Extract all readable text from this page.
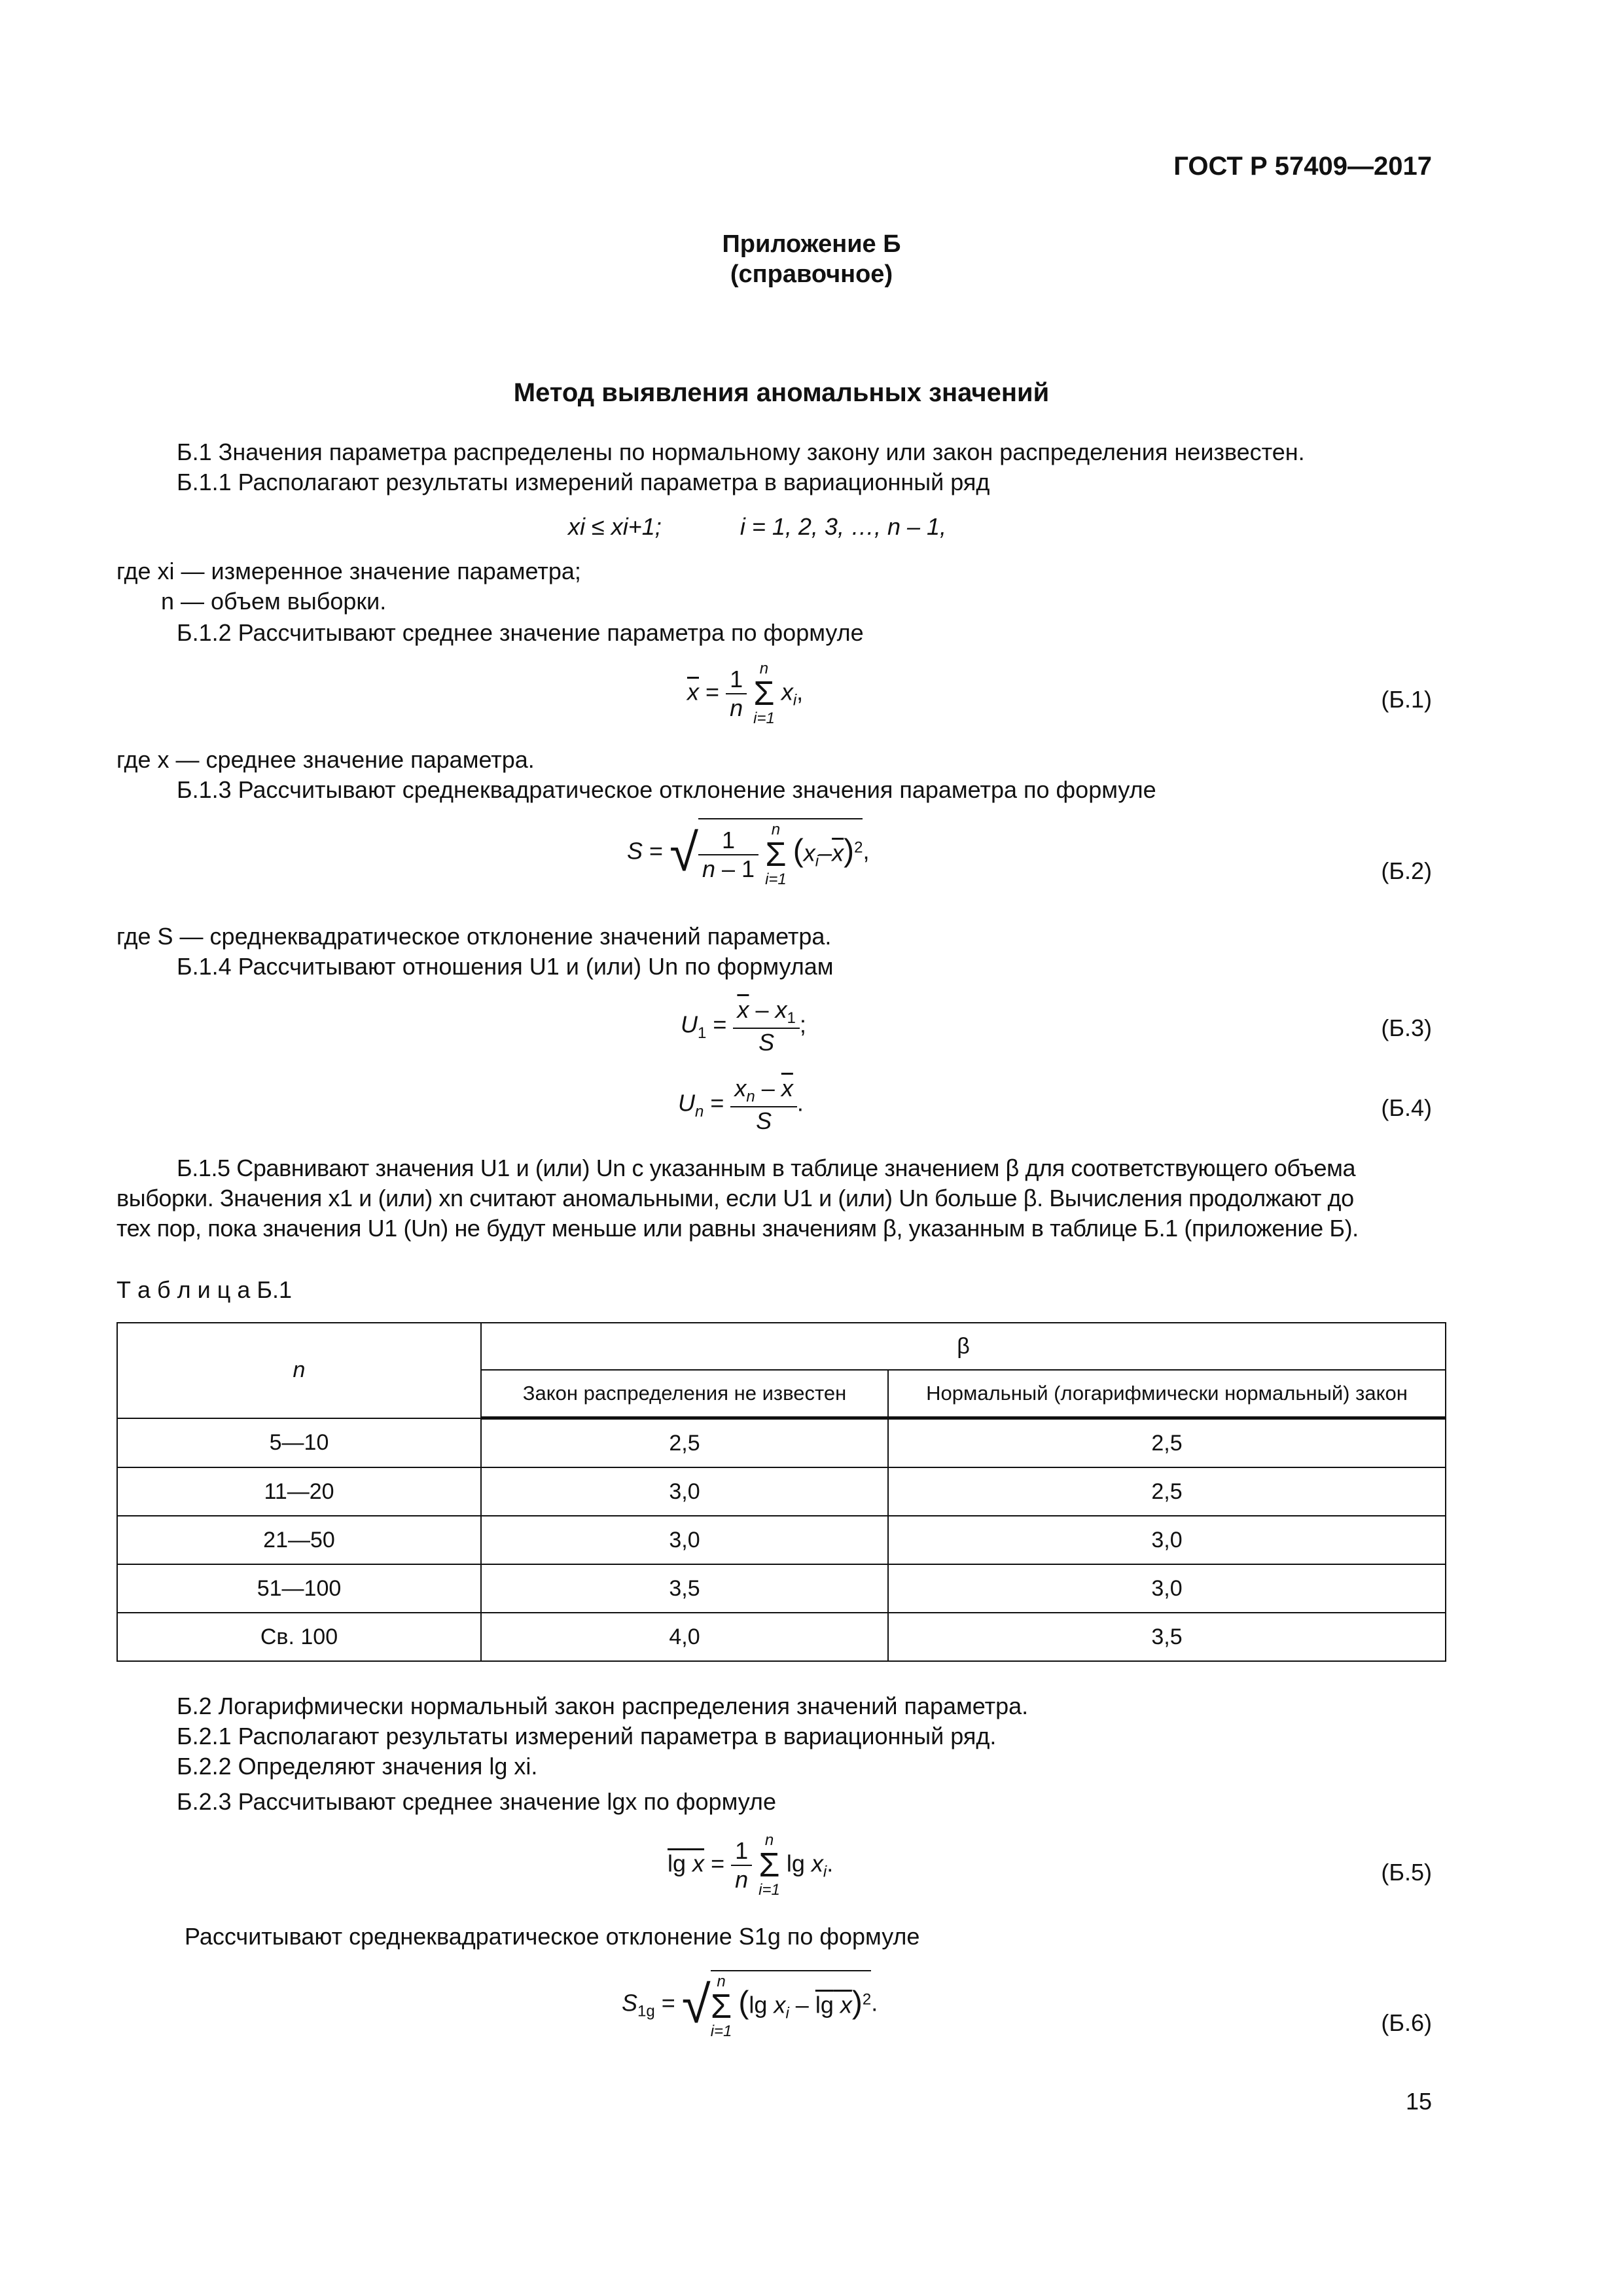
ГОСТ Р 57409—2017
Приложение Б
(справочное)
Метод выявления аномальных значений
Б.1 Значения параметра распределены по нормальному закону или закон распределения неизвестен.
Б.1.1 Располагают результаты измерений параметра в вариационный ряд
xi ≤ xi+1;	i = 1, 2, 3, …, n – 1,
где xi — измеренное значение параметра;
n — объем выборки.
Б.1.2 Рассчитывают среднее значение параметра по формуле
$\overline{x} = \frac{1}{n}$
n
Σ
i=1
$x_i$,	(Б.1)
где x — среднее значение параметра.
Б.1.3 Рассчитывают среднеквадратическое отклонение значения параметра по формуле
S = √ $\frac{1}{n - 1}$
n
Σ
i=1
$(x_i-\overline{x})^2$,
(Б.2)
где S — среднеквадратическое отклонение значений параметра.
Б.1.4 Рассчитывают отношения U1 и (или) Un по формулам
$U_1 = \frac{\overline{x} - x_1}{S}$ ;	(Б.3)
$U_n = \frac{x_n - \overline{x}}{S}$ .	(Б.4)
Б.1.5 Сравнивают значения U1 и (или) Un с указанным в таблице значением β для соответствующего объема
выборки. Значения x1 и (или) xn считают аномальными, если U1 и (или) Un больше β. Вычисления продолжают до
тех пор, пока значения U1 (Un) не будут меньше или равны значениям β, указанным в таблице Б.1 (приложение Б).
Т а б л и ц а Б.1
n	β	
	Закон распределения не известен	Нормальный (логарифмически нормальный) закон
5—10	2,5	2,5
11—20	3,0	2,5
21—50	3,0	3,0
51—100	3,5	3,0
Св. 100	4,0	3,5
Б.2 Логарифмически нормальный закон распределения значений параметра.
Б.2.1 Располагают результаты измерений параметра в вариационный ряд.
Б.2.2 Определяют значения lg xi.
Б.2.3 Рассчитывают среднее значение lgx по формуле
$\lg x = \frac{1}{n}$
n
Σ
i=1
$\lg x_i$.	(Б.5)
Рассчитывают среднеквадратическое отклонение S1g по формуле
$S_{1g}$ = √ n
Σ
i=1
(lg $x_i$ – lg x)$^2$.
(Б.6)
15
